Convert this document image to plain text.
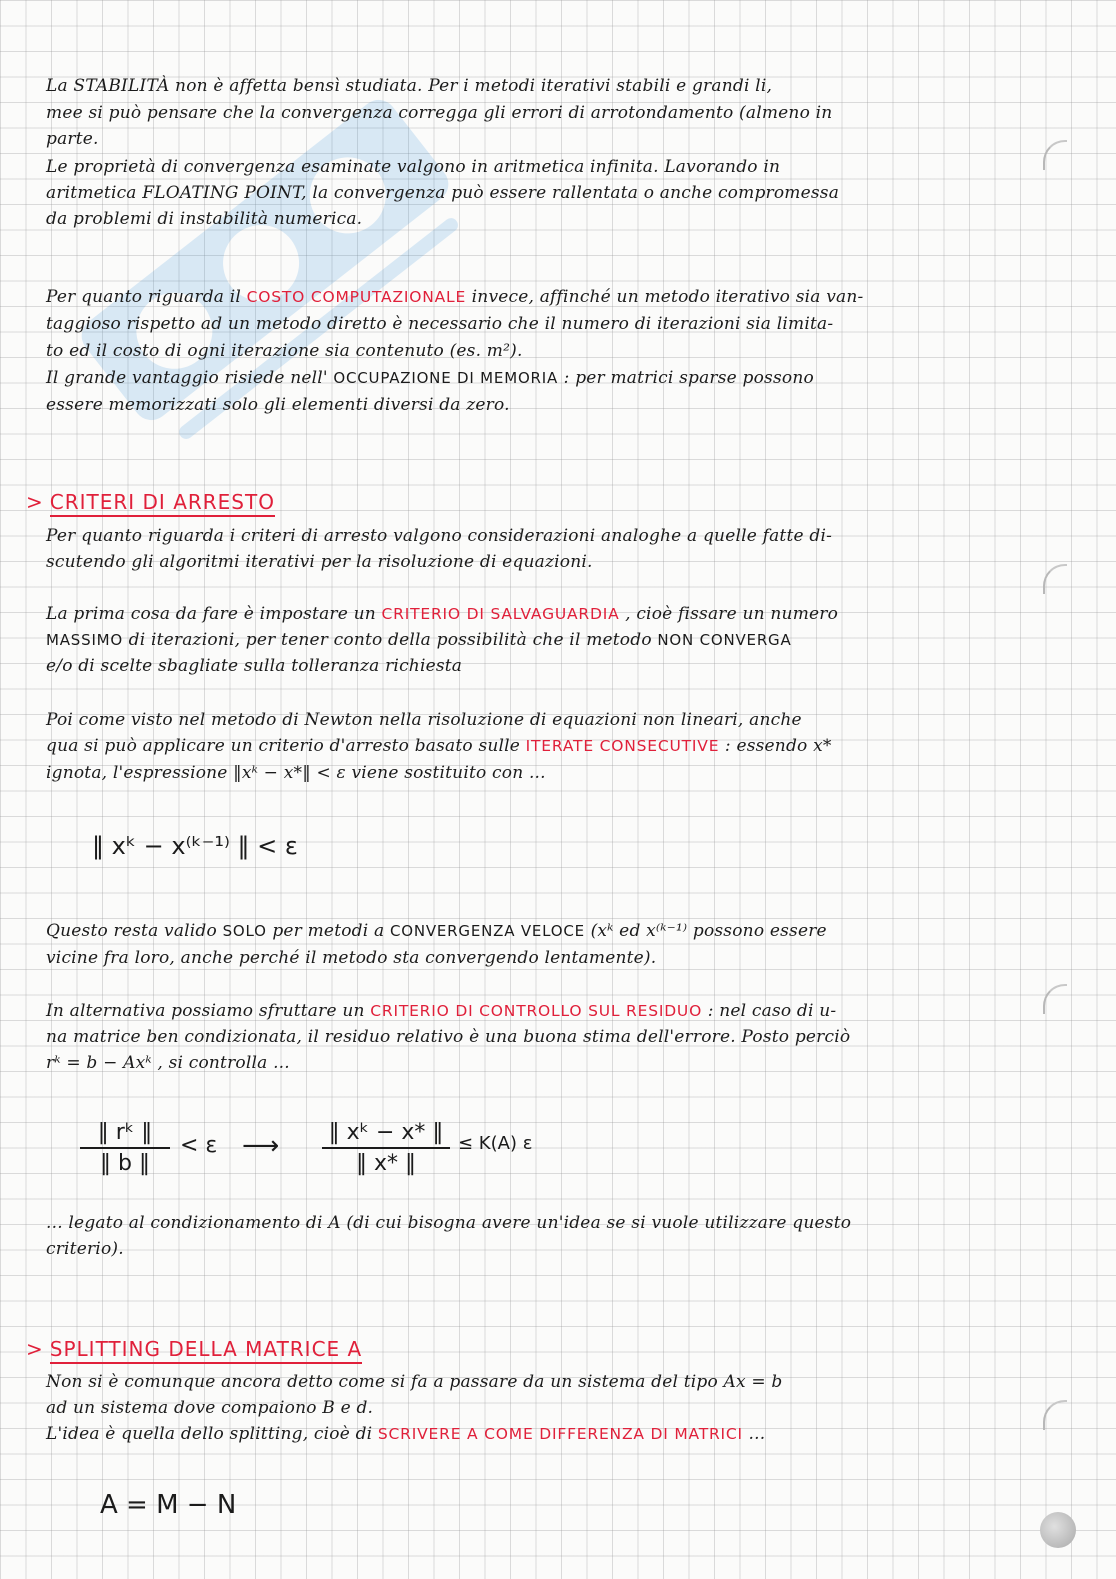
La STABILITÀ non è affetta bensì studiata. Per i metodi iterativi stabili e grandi li,
mee si può pensare che la convergenza corregga gli errori di arrotondamento (almeno in
parte.
Le proprietà di convergenza esaminate valgono in aritmetica infinita. Lavorando in
aritmetica FLOATING POINT, la convergenza può essere rallentata o anche compromessa
da problemi di instabilità numerica.
Per quanto riguarda il COSTO COMPUTAZIONALE invece, affinché un metodo iterativo sia van-
taggioso rispetto ad un metodo diretto è necessario che il numero di iterazioni sia limita-
to ed il costo di ogni iterazione sia contenuto (es. m²).
Il grande vantaggio risiede nell' OCCUPAZIONE DI MEMORIA : per matrici sparse possono
essere memorizzati solo gli elementi diversi da zero.
> CRITERI DI ARRESTO
Per quanto riguarda i criteri di arresto valgono considerazioni analoghe a quelle fatte di-
scutendo gli algoritmi iterativi per la risoluzione di equazioni.
La prima cosa da fare è impostare un CRITERIO DI SALVAGUARDIA , cioè fissare un numero
MASSIMO di iterazioni, per tener conto della possibilità che il metodo NON CONVERGA
e/o di scelte sbagliate sulla tolleranza richiesta
Poi come visto nel metodo di Newton nella risoluzione di equazioni non lineari, anche
qua si può applicare un criterio d'arresto basato sulle ITERATE CONSECUTIVE : essendo x*
ignota, l'espressione ‖xᵏ − x*‖ < ε viene sostituito con ...
‖ xᵏ − x⁽ᵏ⁻¹⁾ ‖ < ε
Questo resta valido SOLO per metodi a CONVERGENZA VELOCE (xᵏ ed x⁽ᵏ⁻¹⁾ possono essere
vicine fra loro, anche perché il metodo sta convergendo lentamente).
In alternativa possiamo sfruttare un CRITERIO DI CONTROLLO SUL RESIDUO : nel caso di u-
na matrice ben condizionata, il residuo relativo è una buona stima dell'errore. Posto perciò
rᵏ = b − Axᵏ , si controlla ...
‖ rᵏ ‖
‖ b ‖
< ε ⟶ ‖ xᵏ − x* ‖
‖ x* ‖
≤ K(A) ε
... legato al condizionamento di A (di cui bisogna avere un'idea se si vuole utilizzare questo
criterio).
> SPLITTING DELLA MATRICE A
Non si è comunque ancora detto come si fa a passare da un sistema del tipo Ax = b
ad un sistema dove compaiono B e d.
L'idea è quella dello splitting, cioè di SCRIVERE A COME DIFFERENZA DI MATRICI ...
A = M − N
